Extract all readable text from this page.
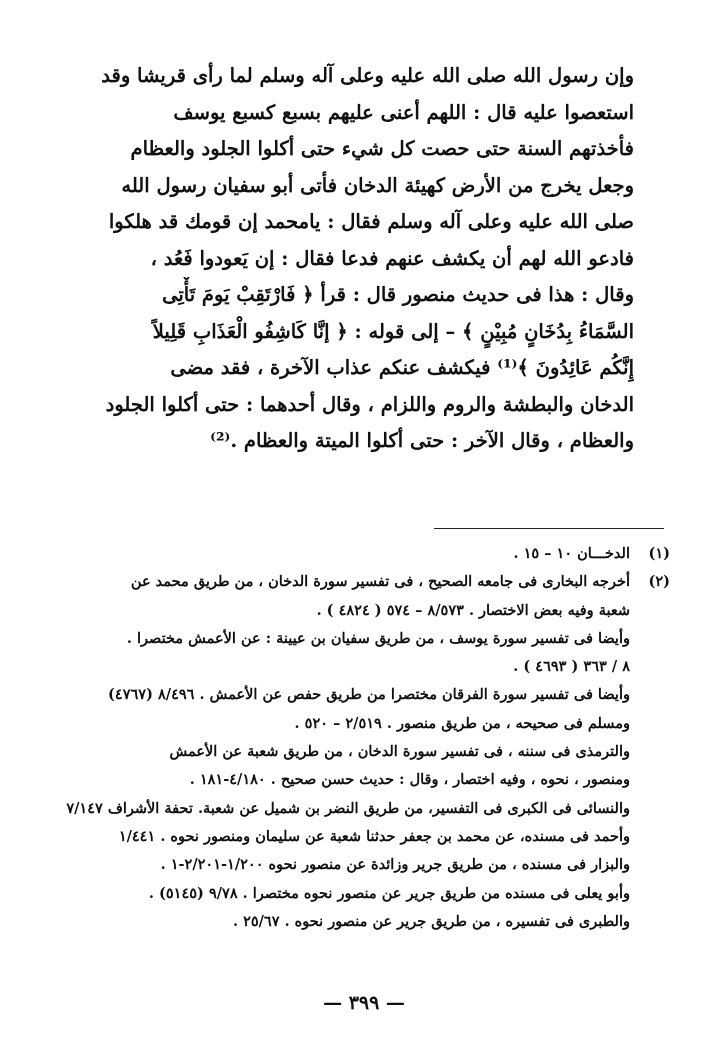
وإن رسول الله صلى الله عليه وعلى آله وسلم لما رأى قريشا وقد
استعصوا عليه قال : اللهم أعنى عليهم بسبع كسبع يوسف
فأخذتهم السنة حتى حصت كل شيء حتى أكلوا الجلود والعظام
وجعل يخرج من الأرض كهيئة الدخان فأتى أبو سفيان رسول الله
صلى الله عليه وعلى آله وسلم فقال : يامحمد إن قومك قد هلكوا
فادعو الله لهم أن يكشف عنهم فدعا فقال : إن يَعودوا فَعُد ،
وقال : هذا فى حديث منصور قال : قرأ ﴿ فَارْتَقِبْ يَومَ تَأْتِى
السَّمَاءُ بِدُخَانٍ مُبِيْنٍ ﴾ – إلى قوله : ﴿ إنَّا كَاشِفُو الْعَذَابِ قَلِيلاً
إِنَّكُم عَائِدُونَ ﴾⁽¹⁾ فيكشف عنكم عذاب الآخرة ، فقد مضى
الدخان والبطشة والروم واللزام ، وقال أحدهما : حتى أكلوا الجلود
والعظام ، وقال الآخر : حتى أكلوا الميتة والعظام .⁽²⁾
(١)
الدخـــان ١٠ – ١٥ .
(٢)
أخرجه البخارى فى جامعه الصحيح ، فى تفسير سورة الدخان ، من طريق محمد عن
شعبة وفيه بعض الاختصار . ٨/٥٧٣ – ٥٧٤ ( ٤٨٢٤ ) .
وأيضا فى تفسير سورة يوسف ، من طريق سفيان بن عيينة : عن الأعمش مختصرا .
٨ / ٣٦٣ ( ٤٦٩٣ ) .
وأيضا فى تفسير سورة الفرقان مختصرا من طريق حفص عن الأعمش . ٨/٤٩٦ (٤٧٦٧)
ومسلم فى صحيحه ، من طريق منصور . ٢/٥١٩ – ٥٢٠ .
والترمذى فى سننه ، فى تفسير سورة الدخان ، من طريق شعبة عن الأعمش
ومنصور ، نحوه ، وفيه اختصار ، وقال : حديث حسن صحيح . ٤/١٨٠-١٨١ .
والنسائى فى الكبرى فى التفسير، من طريق النضر بن شميل عن شعبة. تحفة الأشراف ٧/١٤٧
وأحمد فى مسنده، عن محمد بن جعفر حدثنا شعبة عن سليمان ومنصور نحوه . ١/٤٤١
والبزار فى مسنده ، من طريق جرير وزائدة عن منصور نحوه ١/٢٠٠-٢/٢٠١-١ .
وأبو يعلى فى مسنده من طريق جرير عن منصور نحوه مختصرا . ٩/٧٨ (٥١٤٥) .
والطبرى فى تفسيره ، من طريق جرير عن منصور نحوه . ٢٥/٦٧ .
— ٣٩٩ —
